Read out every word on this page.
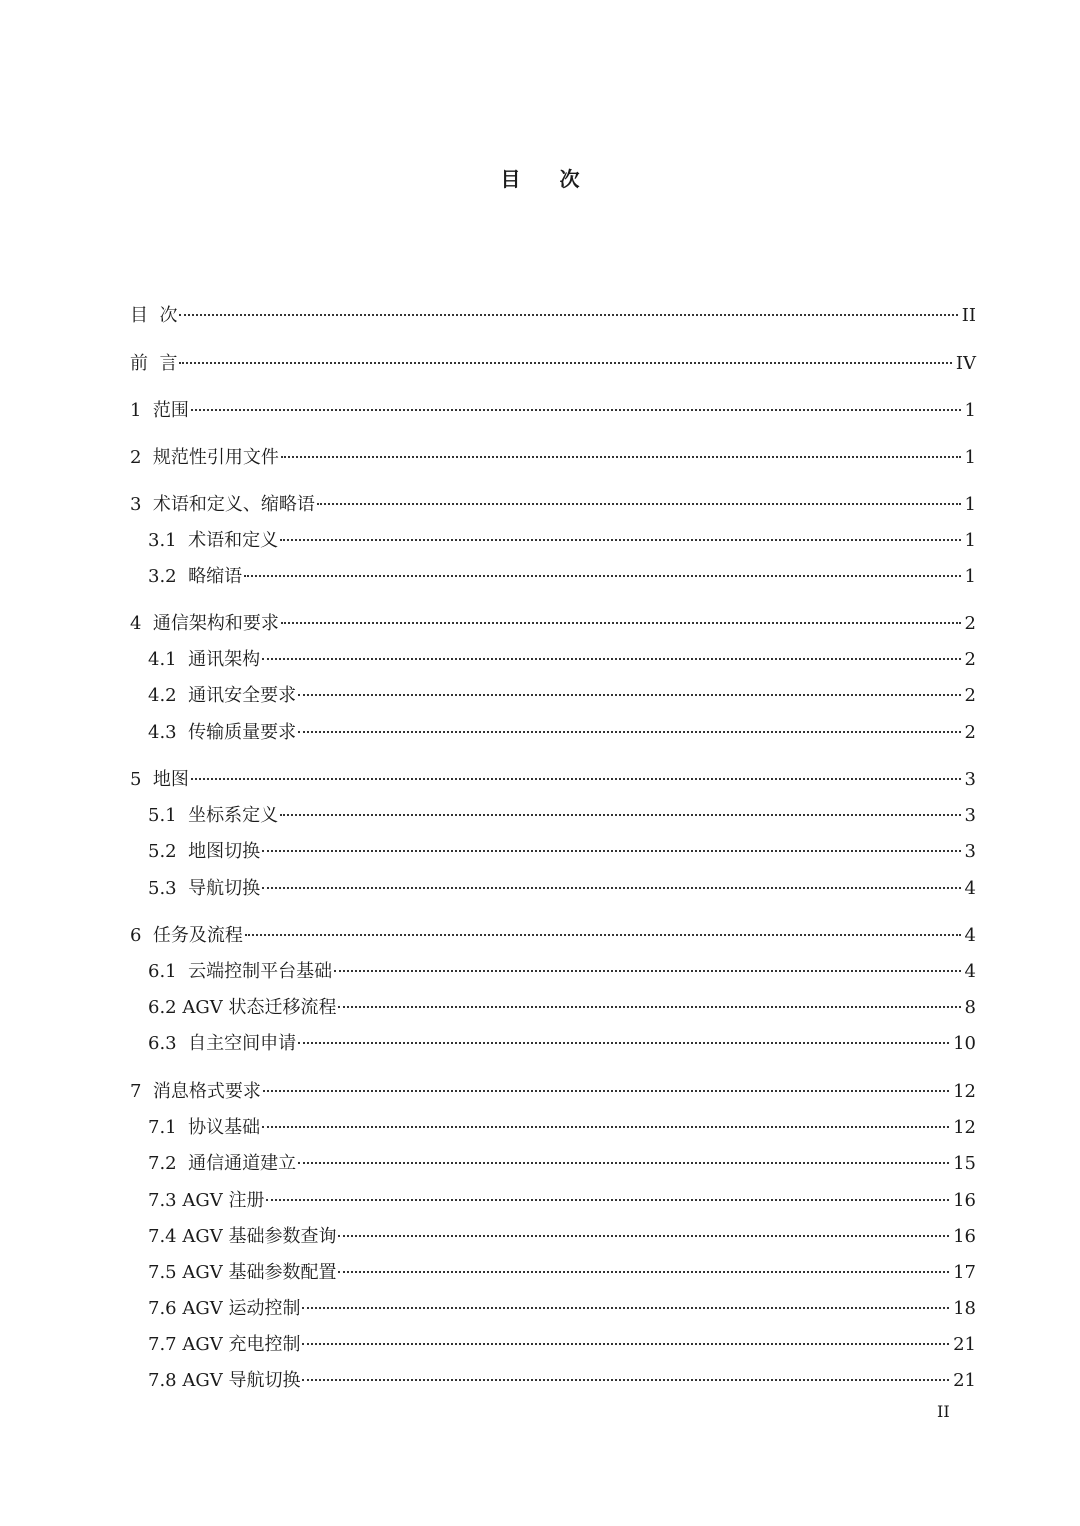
目 次
目  次	II
前  言	IV
1  范围	1
2  规范性引用文件	1
3  术语和定义、缩略语	1
3.1  术语和定义	1
3.2  略缩语	1
4  通信架构和要求	2
4.1  通讯架构	2
4.2  通讯安全要求	2
4.3  传输质量要求	2
5  地图	3
5.1  坐标系定义	3
5.2  地图切换	3
5.3  导航切换	4
6  任务及流程	4
6.1  云端控制平台基础	4
6.2 AGV 状态迁移流程	8
6.3  自主空间申请	10
7  消息格式要求	12
7.1  协议基础	12
7.2  通信通道建立	15
7.3 AGV 注册	16
7.4 AGV 基础参数查询	16
7.5 AGV 基础参数配置	17
7.6 AGV 运动控制	18
7.7 AGV 充电控制	21
7.8 AGV 导航切换	21
II
